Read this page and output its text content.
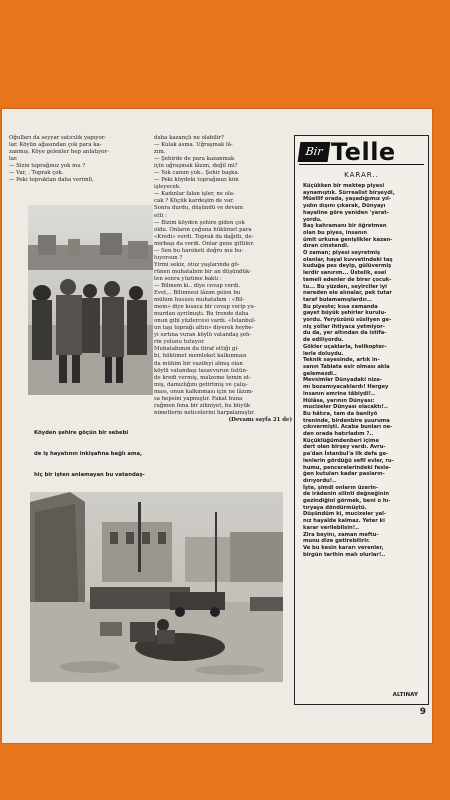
Oğulları da seyyar satıcılık yapıyor-

lar. Köyün ağasından çok para ka-

zanmış. Köye gelenler hep anlatıyor-

lar.

— Sizin toprağınız yok mu ?

— Var, . Toprak çok.

— Peki topraktan daha verimli,

Köyden şehire göçün bir sebebi

de iş hayatının inkişafına bağlı ama,

hiç bir işten anlamayan bu vatandaş-

daha kazançlı ne olabilir?

— Kulak asma. Uğraşmak lâ-

zım.

— Şehirde de para kazanmak

için uğraşmak lâzım, değil mi?

— Yok canım yok.. Şehir başka.

— Peki köydeki toprağınızı kim

işleyecek.

— Kadınlar falan işler, ne ola-

cak ? Küçük kardeşim de var.

Sonra durdu, düşündü ve devam

etti :

— Bizim köyden şehire giden çok

oldu. Onların çoğuna hükümet para

«Kredi» verdi. Toprak da dağıttı, de-

mirbaşı da verdi. Onlar gene gittiler.

— Sen bu hareketi doğru mu bu-

luyorsun ?

Yirmi sekiz, otuz yaşlarında gö-

rünen muhatabım bir an düşündük-

ten sonra yüzüme baktı :

— Bilmem ki.. diye cevap verdi.

Evet,.. Bilinmesi lâzım gelen bu

mühim hususu muhatabım : «Bil-

mem» diye kısaca bir cevap verip yu-

murdan ayrılmıştı. Bu trende daha

onun gibi yüzlercesi vardı. «İstanbul-

un taşı toprağı altın» diyerek heybe-

yi sırtına vuran köylü vatandaş şeh-

rin yolunu tutuyor.

Muhatabımın da itiraf ettiği gi-

bi, hükümet memleket kalkınması

da mühim bir vazifeyi almış olan

köylü vatandaşı tasavvurun üstün-

de kredi vermiş, malzeme temin et-

miş, damızlığını getirtmiş ve çalış-

ması, onun kalkınması için ne lâzım-

sa hepsini yapmıştır. Fakat buna

rağmen fena bir zihniyet, bu büyük

nimetlerin neticelerini harpalamıştır.

(Devamı sayfa 21 de)

Bir Telle
KARAR..

Küçükken bir mektep piyesi

aynamıştık. Sürrealist birşeydi,

Müellif orada, yaşadığımız yıl-

yıdın dışını çıkarak, Dünyayı

hayaline göre yeniden 'yarat-

yordu.

Baş kahramanı bir öğretmen

olan bu piyes, insanın

ümit urkuna genişlikler kazan-

dıran cinstendi.

O zaman; piyesi seyretmiş

olanlar, hayal kuvvetindeki taş

kuduğa pes deyip, gülüvermiş

lerdir sanırım... Üstelik, esel

temeli edenler de birer çocuk-

tu... Bu yüzden, seyirciler iyi

nereden ele alınalar, pek tutar

taraf bulamamışlardır...

Bu piyeste; kısa zamanda

gayet büyük şehirler kurulu-

yordu. Yeryüzünü süsliyen ge-

niş yollar ihtiyaca yetmiyor-

du da, yer altından da istifa-

de ediliyordu.

Gökler uçaklarla, helikopter-

lerle doluydu.

Teknik sayesinde, artık in-

sanın Tabiata esir olması akla

gelemezdi..

Mevsimler Dünyadaki niza-

mı bozamıyacaklardı! Hergey

insanın emrine tâbiydi!..

Hülâsa, yarının Dünyası:

mucizeler Dünyası olacaktı!..

Bu hâtıra, tam da banliyö

treninde, birdenbire şuuruma

çıkıvermişti. Acaba bunları ne-

den orada hatırladım ?..

Küçüklüğümdenberi içime

dert olan birşey vardı. Avru-

pa'dan İstanbul'a ilk defa ge-

lenlerin gördüğü sefil evler, ru-

humu, pencerelerindeki fesle-

ğen kutuları kadar pasların-

dırıyordu!..

İşte, şimdi onların üzerin-

de irâdenin silinti değneğinin

gezindiğini görmek, beni o hı-

tıryaya döndürmüştü.

Düşündüm ki, mucizeler yal-

nız hayalde kalmaz. Yeter ki

karar verilebilsin!..

Zira beyinı, zaman meftu-

munu dize getirebilirir.

Ve bu kesin kararı verenler,

birgün tarihin malı olurlar!..

ALTINAY
9
